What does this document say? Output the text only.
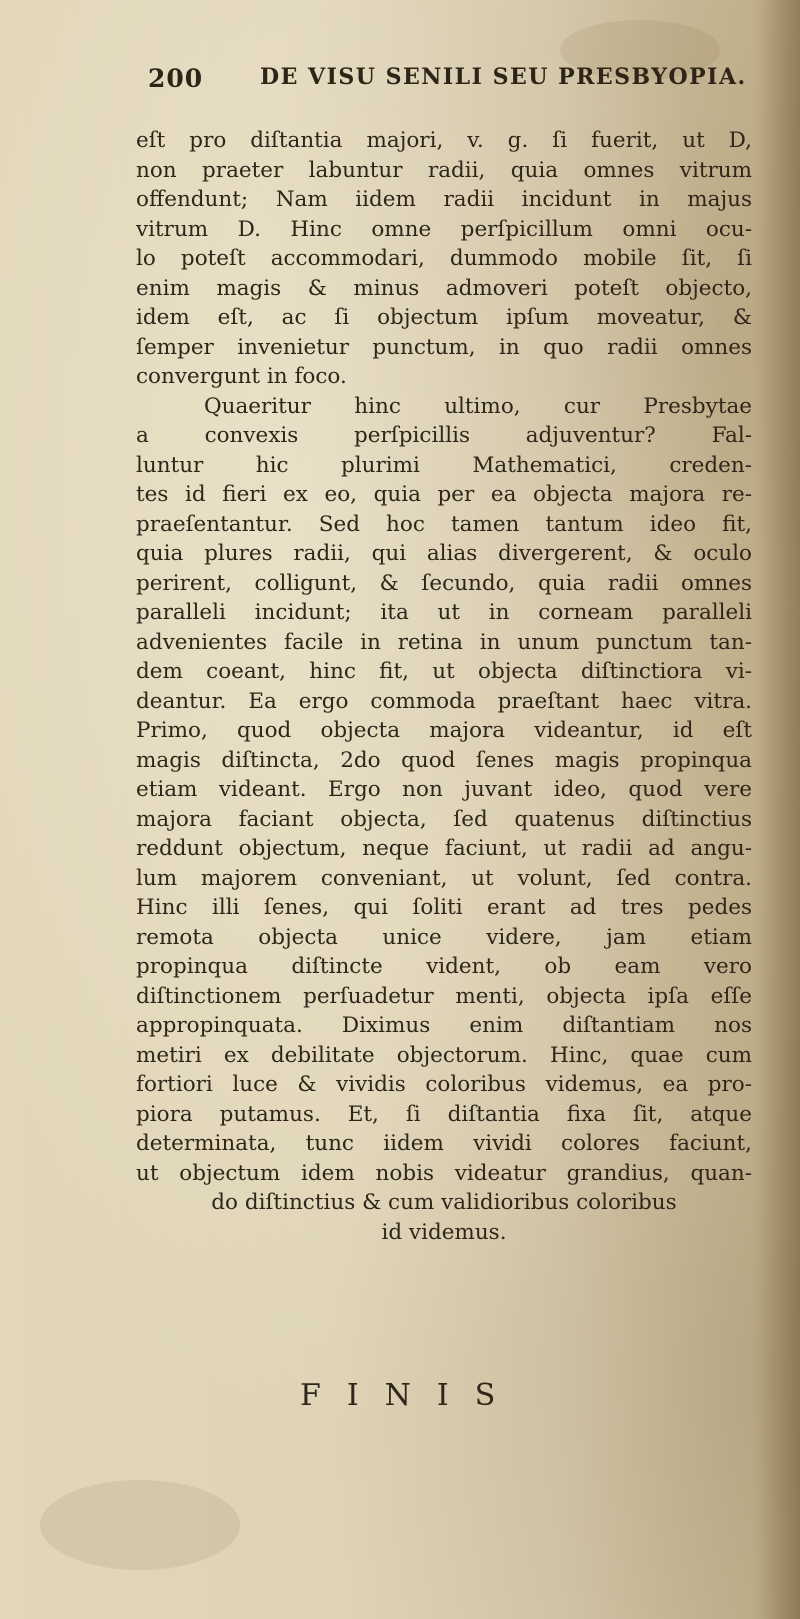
200	DE VISU SENILI SEU PRESBYOPIA.
eſt pro diſtantia majori, v. g. ſi fuerit, ut D,
non praeter labuntur radii, quia omnes vitrum
offendunt; Nam iidem radii incidunt in majus
vitrum D. Hinc omne perſpicillum omni ocu-
lo poteſt accommodari, dummodo mobile ſit, ſi
enim magis & minus admoveri poteſt objecto,
idem eſt, ac ſi objectum ipſum moveatur, &
ſemper invenietur punctum, in quo radii omnes
convergunt in foco.
Quaeritur hinc ultimo, cur Presbytae
a convexis perſpicillis adjuventur? Fal-
luntur hic plurimi Mathematici, creden-
tes id fieri ex eo, quia per ea objecta majora re-
praeſentantur. Sed hoc tamen tantum ideo fit,
quia plures radii, qui alias divergerent, & oculo
perirent, colligunt, & ſecundo, quia radii omnes
paralleli incidunt; ita ut in corneam paralleli
advenientes facile in retina in unum punctum tan-
dem coeant, hinc fit, ut objecta diſtinctiora vi-
deantur. Ea ergo commoda praeſtant haec vitra.
Primo, quod objecta majora videantur, id eſt
magis diſtincta, 2do quod ſenes magis propinqua
etiam videant. Ergo non juvant ideo, quod vere
majora faciant objecta, ſed quatenus diſtinctius
reddunt objectum, neque faciunt, ut radii ad angu-
lum majorem conveniant, ut volunt, ſed contra.
Hinc illi ſenes, qui ſoliti erant ad tres pedes
remota objecta unice videre, jam etiam
propinqua diſtincte vident, ob eam vero
diſtinctionem perſuadetur menti, objecta ipſa eſſe
appropinquata. Diximus enim diſtantiam nos
metiri ex debilitate objectorum. Hinc, quae cum
fortiori luce & vividis coloribus videmus, ea pro-
piora putamus. Et, ſi diſtantia fixa ſit, atque
determinata, tunc iidem vividi colores faciunt,
ut objectum idem nobis videatur grandius, quan-
do diſtinctius & cum validioribus coloribus
id videmus.
FINIS
